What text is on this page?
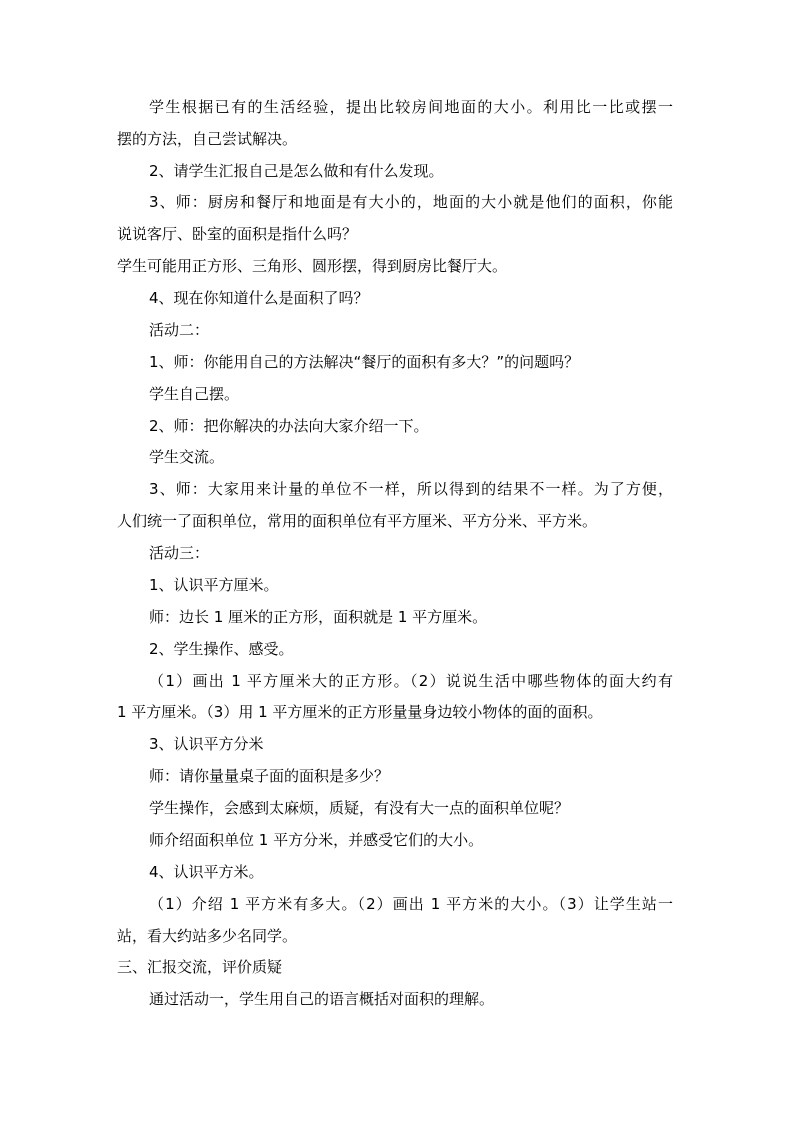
学生根据已有的生活经验，提出比较房间地面的大小。利用比一比或摆一
摆的方法，自己尝试解决。
2、请学生汇报自己是怎么做和有什么发现。
3、师：厨房和餐厅和地面是有大小的，地面的大小就是他们的面积，你能
说说客厅、卧室的面积是指什么吗？
学生可能用正方形、三角形、圆形摆，得到厨房比餐厅大。
4、现在你知道什么是面积了吗？
活动二：
1、师：你能用自己的方法解决“餐厅的面积有多大？”的问题吗？
学生自己摆。
2、师：把你解决的办法向大家介绍一下。
学生交流。
3、师：大家用来计量的单位不一样，所以得到的结果不一样。为了方便，
人们统一了面积单位，常用的面积单位有平方厘米、平方分米、平方米。
活动三：
1、认识平方厘米。
师：边长 1 厘米的正方形，面积就是 1 平方厘米。
2、学生操作、感受。
（1）画出 1 平方厘米大的正方形。（2）说说生活中哪些物体的面大约有
1 平方厘米。（3）用 1 平方厘米的正方形量量身边较小物体的面的面积。
3、认识平方分米
师：请你量量桌子面的面积是多少？
学生操作，会感到太麻烦，质疑，有没有大一点的面积单位呢？
师介绍面积单位 1 平方分米，并感受它们的大小。
4、认识平方米。
（1）介绍 1 平方米有多大。（2）画出 1 平方米的大小。（3）让学生站一
站，看大约站多少名同学。
三、汇报交流，评价质疑
通过活动一，学生用自己的语言概括对面积的理解。
